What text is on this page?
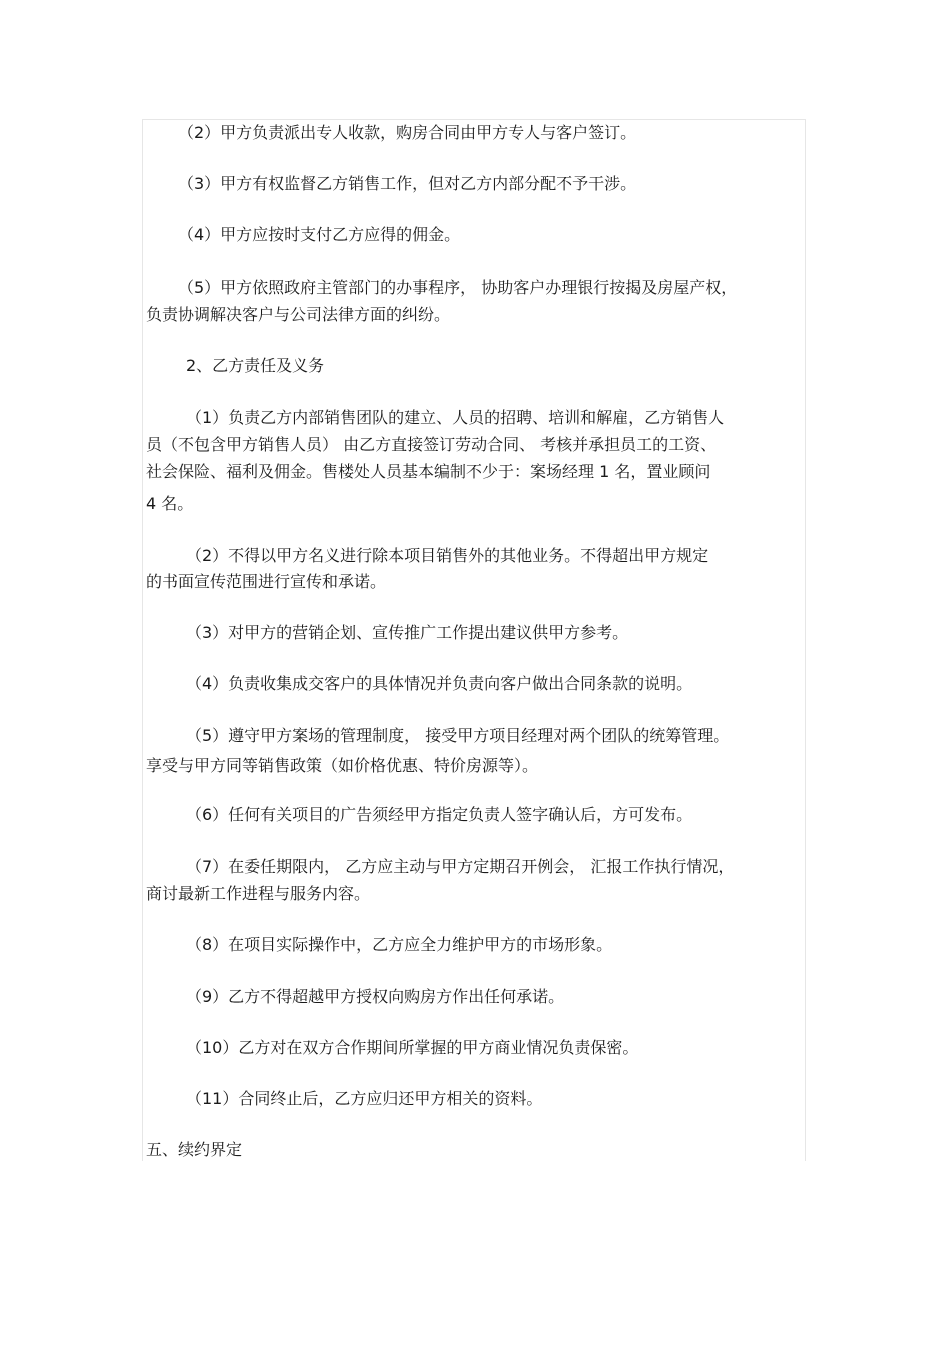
（2）甲方负责派出专人收款，购房合同由甲方专人与客户签订。
（3）甲方有权监督乙方销售工作，但对乙方内部分配不予干涉。
（4）甲方应按时支付乙方应得的佣金。
（5）甲方依照政府主管部门的办事程序， 协助客户办理银行按揭及房屋产权，
负责协调解决客户与公司法律方面的纠纷。
2、乙方责任及义务
（1）负责乙方内部销售团队的建立、人员的招聘、培训和解雇，乙方销售人
员（不包含甲方销售人员） 由乙方直接签订劳动合同、 考核并承担员工的工资、
社会保险、福利及佣金。售楼处人员基本编制不少于：案场经理 1 名，置业顾问
4 名。
（2）不得以甲方名义进行除本项目销售外的其他业务。不得超出甲方规定
的书面宣传范围进行宣传和承诺。
（3）对甲方的营销企划、宣传推广工作提出建议供甲方参考。
（4）负责收集成交客户的具体情况并负责向客户做出合同条款的说明。
（5）遵守甲方案场的管理制度， 接受甲方项目经理对两个团队的统筹管理。
享受与甲方同等销售政策（如价格优惠、特价房源等）。
（6）任何有关项目的广告须经甲方指定负责人签字确认后，方可发布。
（7）在委任期限内， 乙方应主动与甲方定期召开例会， 汇报工作执行情况，
商讨最新工作进程与服务内容。
（8）在项目实际操作中，乙方应全力维护甲方的市场形象。
（9）乙方不得超越甲方授权向购房方作出任何承诺。
（10）乙方对在双方合作期间所掌握的甲方商业情况负责保密。
（11）合同终止后，乙方应归还甲方相关的资料。
五、续约界定
